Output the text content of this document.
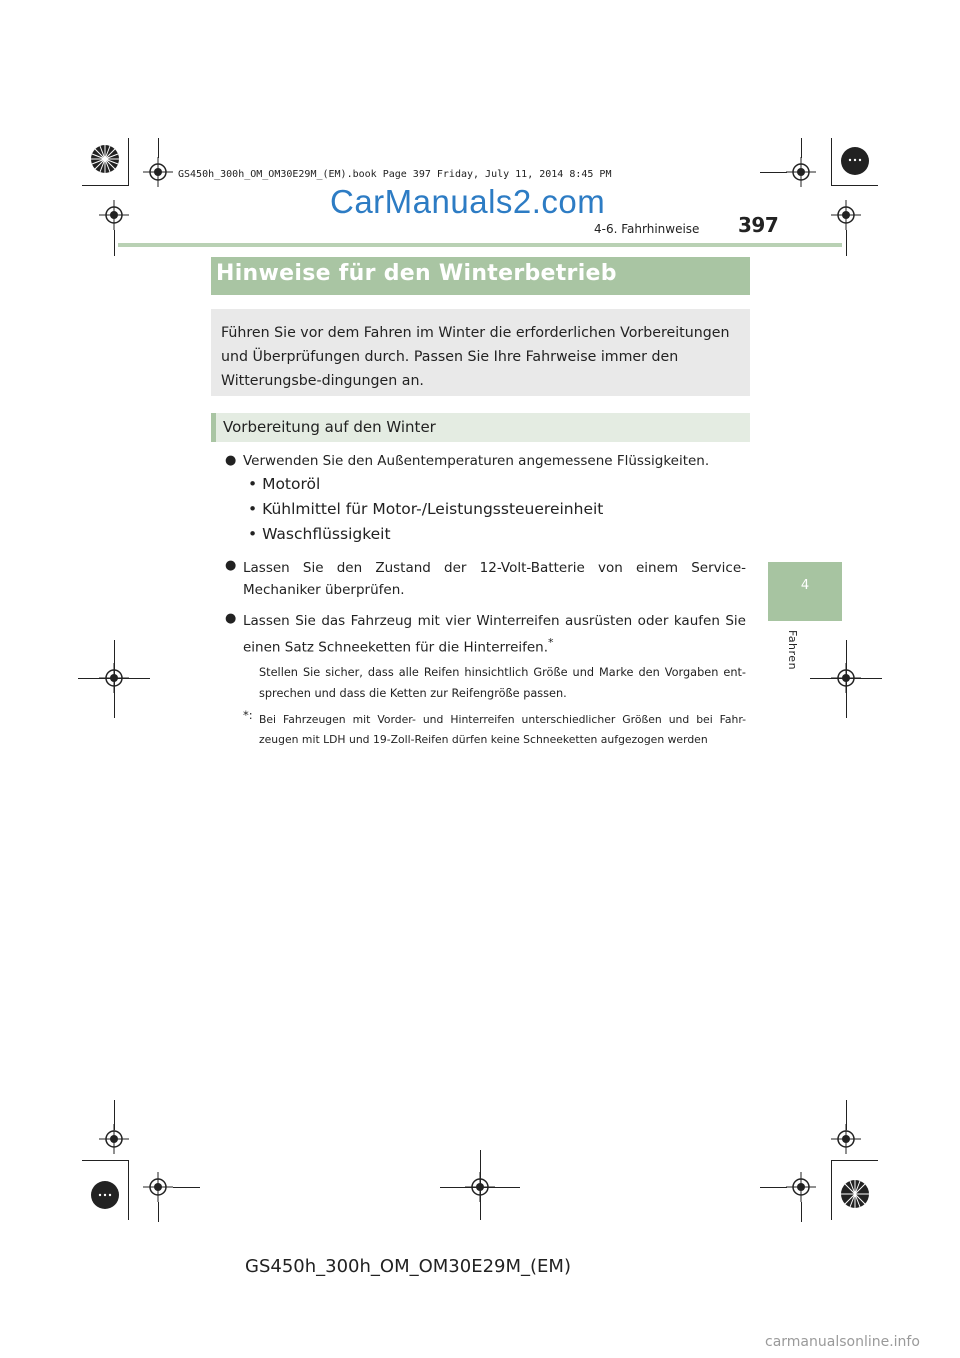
GS450h_300h_OM_OM30E29M_(EM).book Page 397 Friday, July 11, 2014 8:45 PM
CarManuals2.com
4-6. Fahrhinweise 397
4
Fahren
Hinweise für den Winterbetrieb

Führen Sie vor dem Fahren im Winter die erforderlichen Vorbereitungen und Überprüfungen durch. Passen Sie Ihre Fahrweise immer den Witterungsbe-dingungen an.

Vorbereitung auf den Winter
● Verwenden Sie den Außentemperaturen angemessene Flüssigkeiten.
• Motoröl
• Kühlmittel für Motor-/Leistungssteuereinheit
• Waschflüssigkeit
● Lassen Sie den Zustand der 12-Volt-Batterie von einem Service-Mechaniker überprüfen.

● Lassen Sie das Fahrzeug mit vier Winterreifen ausrüsten oder kaufen Sie einen Satz Schneeketten für die Hinterreifen.*

Stellen Sie sicher, dass alle Reifen hinsichtlich Größe und Marke den Vorgaben ent-sprechen und dass die Ketten zur Reifengröße passen.

*: Bei Fahrzeugen mit Vorder- und Hinterreifen unterschiedlicher Größen und bei Fahr-zeugen mit LDH und 19-Zoll-Reifen dürfen keine Schneeketten aufgezogen werden

GS450h_300h_OM_OM30E29M_(EM)
carmanualsonline.info
